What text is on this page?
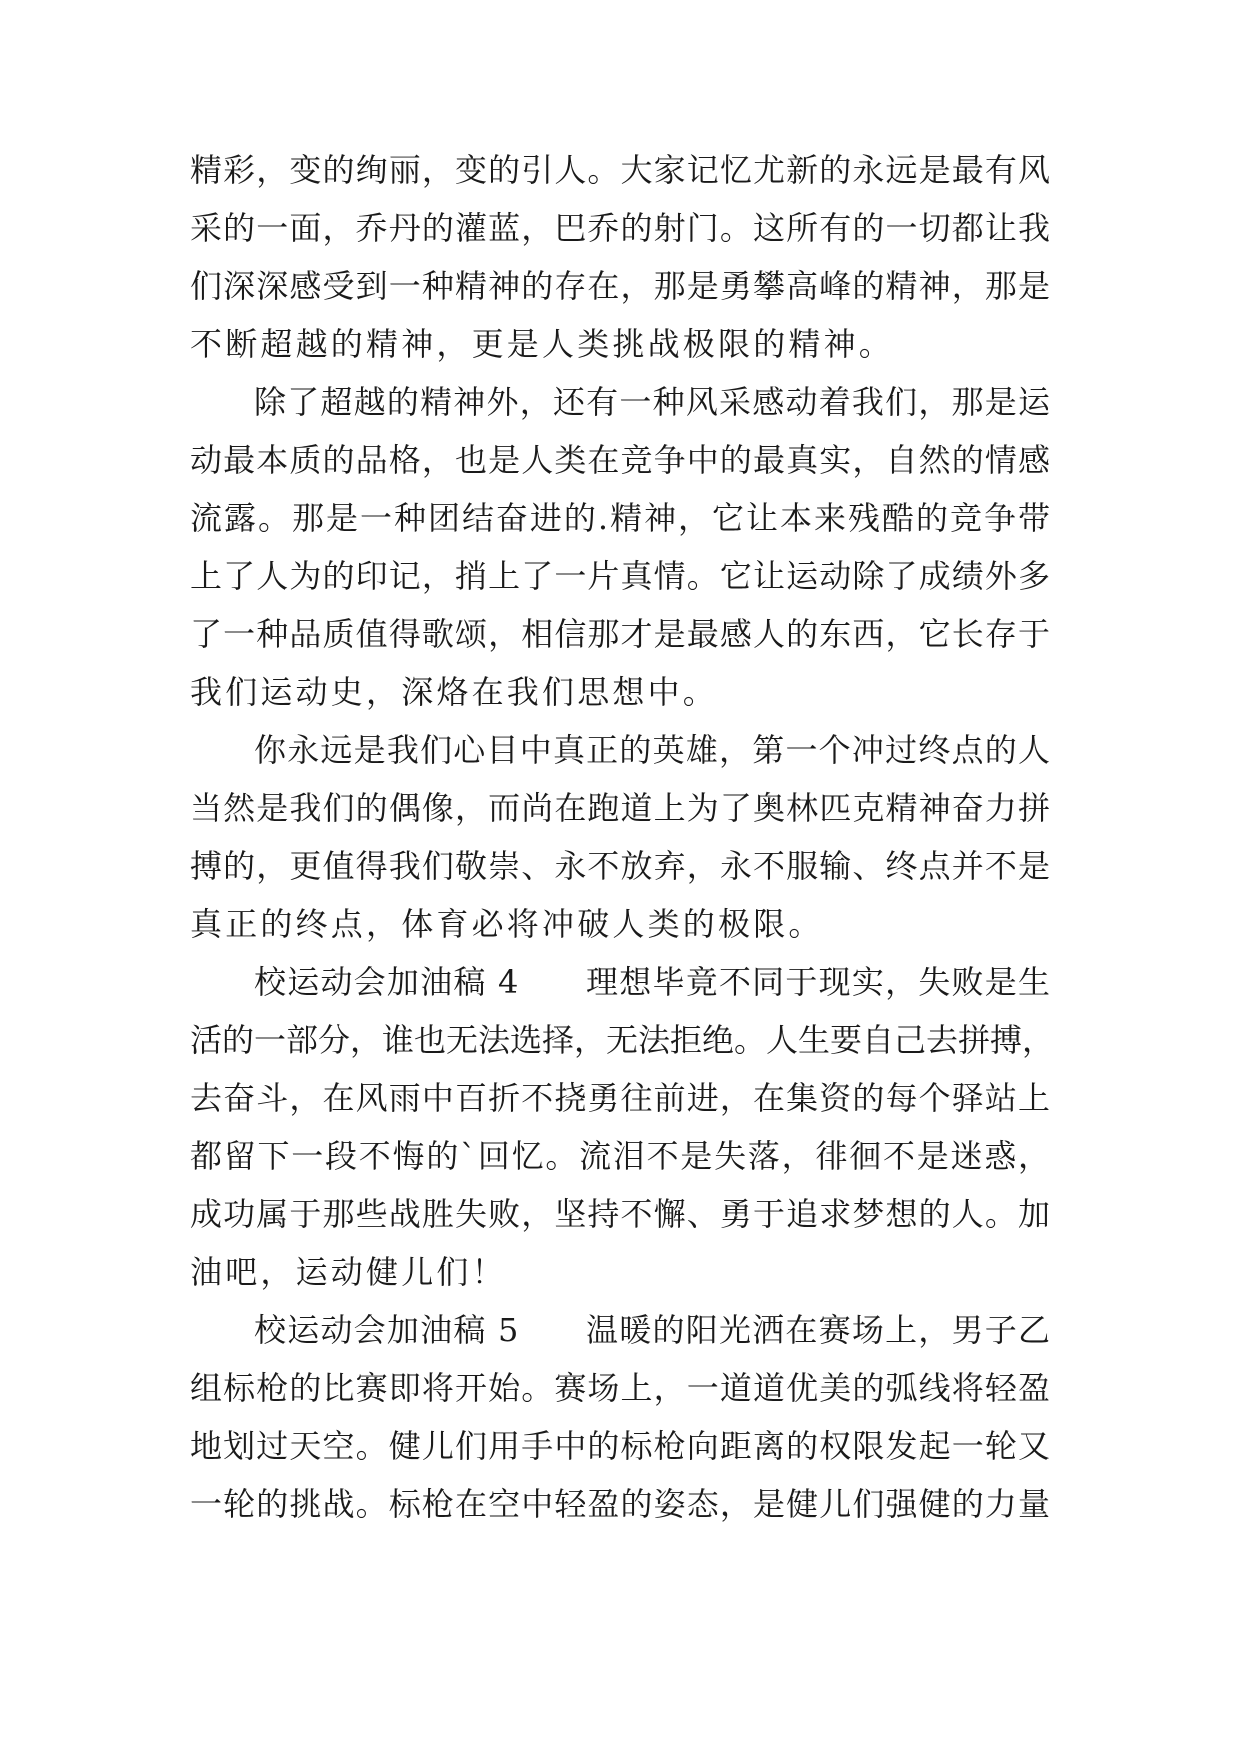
精彩，变的绚丽，变的引人。大家记忆尤新的永远是最有风
采的一面，乔丹的灌蓝，巴乔的射门。这所有的一切都让我
们深深感受到一种精神的存在，那是勇攀高峰的精神，那是
不断超越的精神，更是人类挑战极限的精神。
除了超越的精神外，还有一种风采感动着我们，那是运
动最本质的品格，也是人类在竞争中的最真实，自然的情感
流露。那是一种团结奋进的.精神，它让本来残酷的竞争带
上了人为的印记，捎上了一片真情。它让运动除了成绩外多
了一种品质值得歌颂，相信那才是最感人的东西，它长存于
我们运动史，深烙在我们思想中。
你永远是我们心目中真正的英雄，第一个冲过终点的人
当然是我们的偶像，而尚在跑道上为了奥林匹克精神奋力拼
搏的，更值得我们敬崇、永不放弃，永不服输、终点并不是
真正的终点，体育必将冲破人类的极限。
校运动会加油稿 4　　理想毕竟不同于现实，失败是生
活的一部分，谁也无法选择，无法拒绝。人生要自己去拼搏，
去奋斗，在风雨中百折不挠勇往前进，在集资的每个驿站上
都留下一段不悔的`回忆。流泪不是失落，徘徊不是迷惑，
成功属于那些战胜失败，坚持不懈、勇于追求梦想的人。加
油吧，运动健儿们！
校运动会加油稿 5　　温暖的阳光洒在赛场上，男子乙
组标枪的比赛即将开始。赛场上，一道道优美的弧线将轻盈
地划过天空。健儿们用手中的标枪向距离的权限发起一轮又
一轮的挑战。标枪在空中轻盈的姿态，是健儿们强健的力量
